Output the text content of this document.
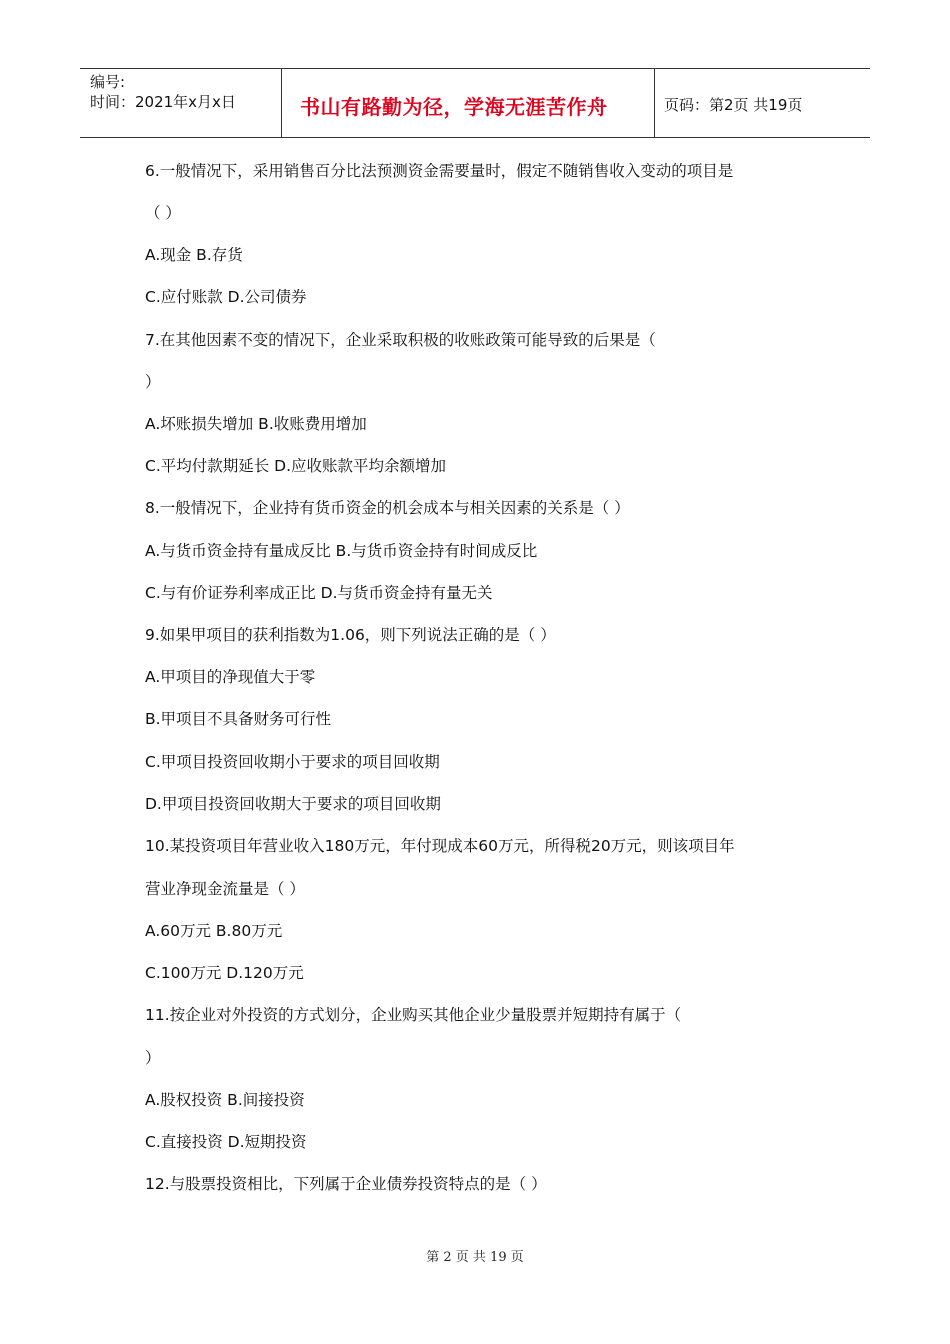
编号:
时间：2021年x月x日	书山有路勤为径，学海无涯苦作舟	页码：第2页 共19页
6.一般情况下，采用销售百分比法预测资金需要量时，假定不随销售收入变动的项目是
（ ）
A.现金 B.存货
C.应付账款 D.公司债券
7.在其他因素不变的情况下，企业采取积极的收账政策可能导致的后果是（
）
A.坏账损失增加 B.收账费用增加
C.平均付款期延长 D.应收账款平均余额增加
8.一般情况下，企业持有货币资金的机会成本与相关因素的关系是（ ）
A.与货币资金持有量成反比 B.与货币资金持有时间成反比
C.与有价证券利率成正比 D.与货币资金持有量无关
9.如果甲项目的获利指数为1.06，则下列说法正确的是（ ）
A.甲项目的净现值大于零
B.甲项目不具备财务可行性
C.甲项目投资回收期小于要求的项目回收期
D.甲项目投资回收期大于要求的项目回收期
10.某投资项目年营业收入180万元，年付现成本60万元，所得税20万元，则该项目年
营业净现金流量是（ ）
A.60万元 B.80万元
C.100万元 D.120万元
11.按企业对外投资的方式划分，企业购买其他企业少量股票并短期持有属于（
）
A.股权投资 B.间接投资
C.直接投资 D.短期投资
12.与股票投资相比，下列属于企业债券投资特点的是（ ）
第 2 页 共 19 页
